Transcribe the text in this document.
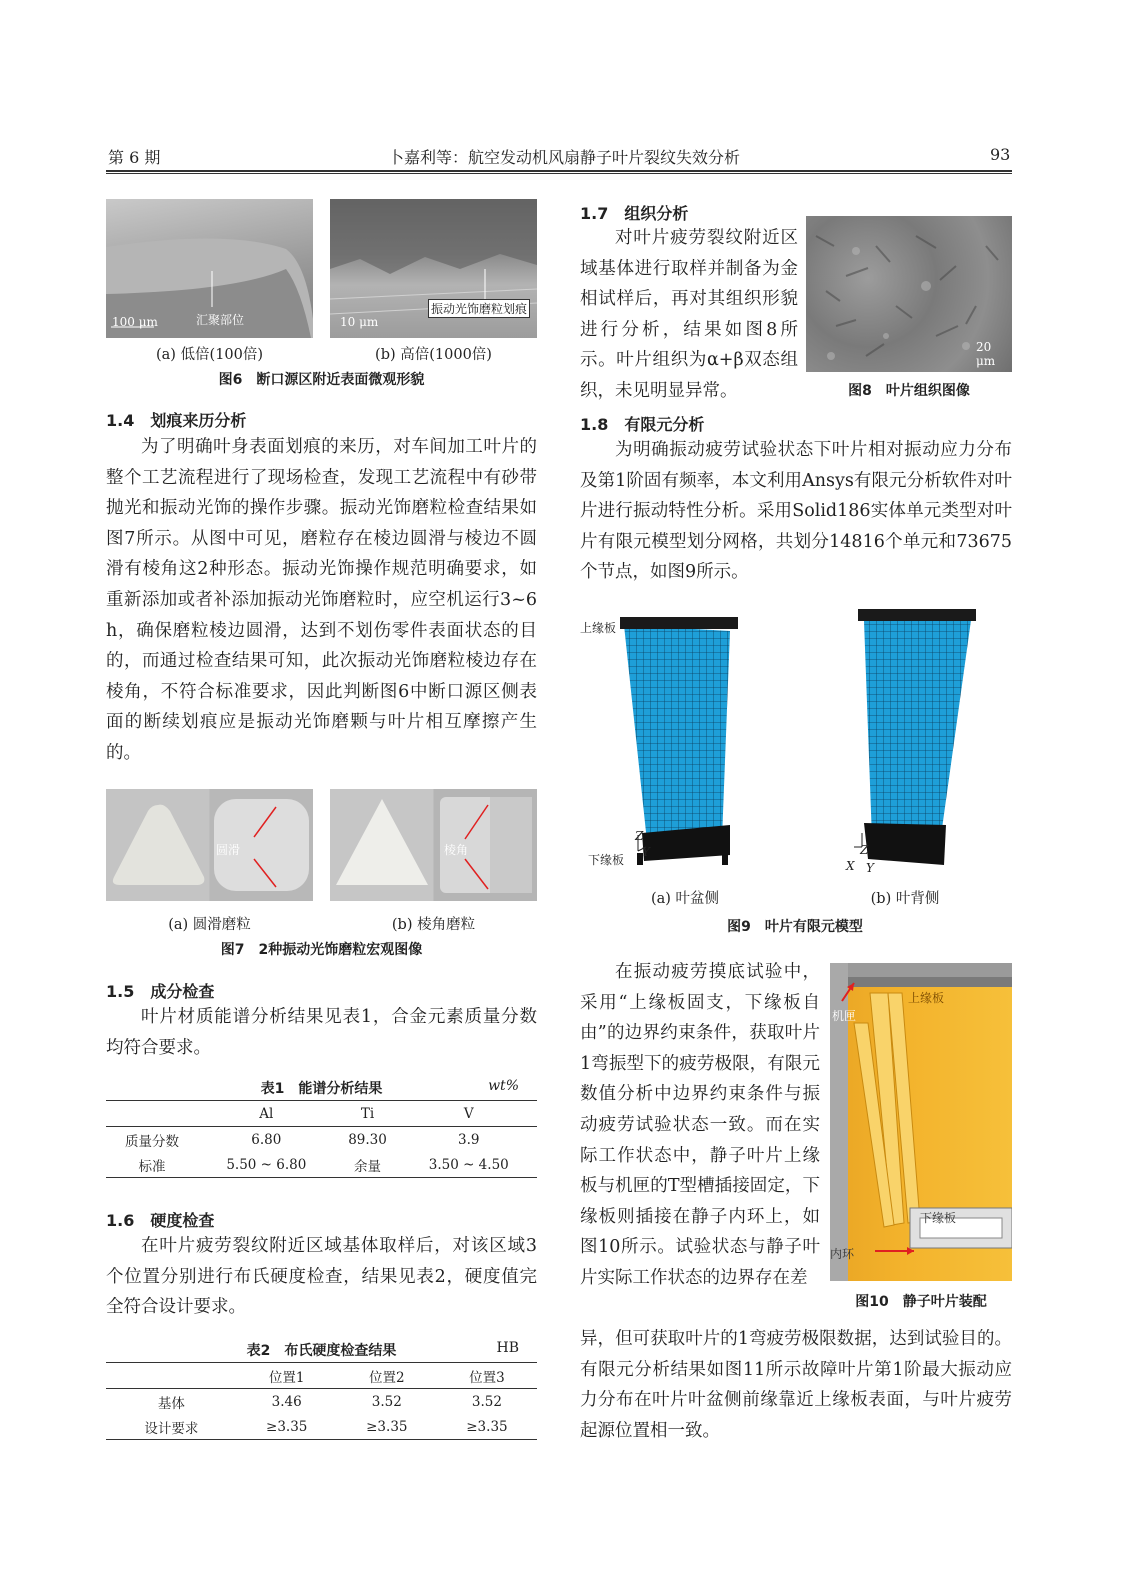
第 6 期	卜嘉利等：航空发动机风扇静子叶片裂纹失效分析	93
汇聚部位
100 μm
振动光饰磨粒划痕
10 μm
(a) 低倍(100倍)	(b) 高倍(1000倍)
图6　断口源区附近表面微观形貌
1.4　划痕来历分析

为了明确叶身表面划痕的来历，对车间加工叶片的整个工艺流程进行了现场检查，发现工艺流程中有砂带抛光和振动光饰的操作步骤。振动光饰磨粒检查结果如图7所示。从图中可见，磨粒存在棱边圆滑与棱边不圆滑有棱角这2种形态。振动光饰操作规范明确要求，如重新添加或者补添加振动光饰磨粒时，应空机运行3~6 h，确保磨粒棱边圆滑，达到不划伤零件表面状态的目的，而通过检查结果可知，此次振动光饰磨粒棱边存在棱角，不符合标准要求，因此判断图6中断口源区侧表面的断续划痕应是振动光饰磨颗与叶片相互摩擦产生的。

圆滑	棱角
(a) 圆滑磨粒	(b) 棱角磨粒
图7　2种振动光饰磨粒宏观图像
1.5　成分检查

叶片材质能谱分析结果见表1，合金元素质量分数均符合要求。

表1　能谱分析结果	wt%
	Al	Ti	V
质量分数	6.80	89.30	3.9
标准	5.50 ~ 6.80	余量	3.50 ~ 4.50
1.6　硬度检查

在叶片疲劳裂纹附近区域基体取样后，对该区域3个位置分别进行布氏硬度检查，结果见表2，硬度值完全符合设计要求。

表2　布氏硬度检查结果	HB
	位置1	位置2	位置3
基体	3.46	3.52	3.52
设计要求	≥3.35	≥3.35	≥3.35
1.7　组织分析

对叶片疲劳裂纹附近区域基体进行取样并制备为金相试样后，再对其组织形貌进行分析，结果如图8所示。叶片组织为α+β双态组织，未见明显异常。

20 μm
图8　叶片组织图像
1.8　有限元分析

为明确振动疲劳试验状态下叶片相对振动应力分布及第1阶固有频率，本文利用Ansys有限元分析软件对叶片进行振动特性分析。采用Solid186实体单元类型对叶片有限元模型划分网格，共划分14816个单元和73675个节点，如图9所示。

上缘板
下缘板
Z
Y	Z
X Y
(a) 叶盆侧	(b) 叶背侧
图9　叶片有限元模型

在振动疲劳摸底试验中，采用“上缘板固支，下缘板自由”的边界约束条件，获取叶片1弯振型下的疲劳极限，有限元数值分析中边界约束条件与振动疲劳试验状态一致。而在实际工作状态中，静子叶片上缘板与机匣的T型槽插接固定，下缘板则插接在静子内环上，如图10所示。试验状态与静子叶片实际工作状态的边界存在差

异，但可获取叶片的1弯疲劳极限数据，达到试验目的。有限元分析结果如图11所示故障叶片第1阶最大振动应力分布在叶片叶盆侧前缘靠近上缘板表面，与叶片疲劳起源位置相一致。

机匣
上缘板
下缘板
内环
图10　静子叶片装配
